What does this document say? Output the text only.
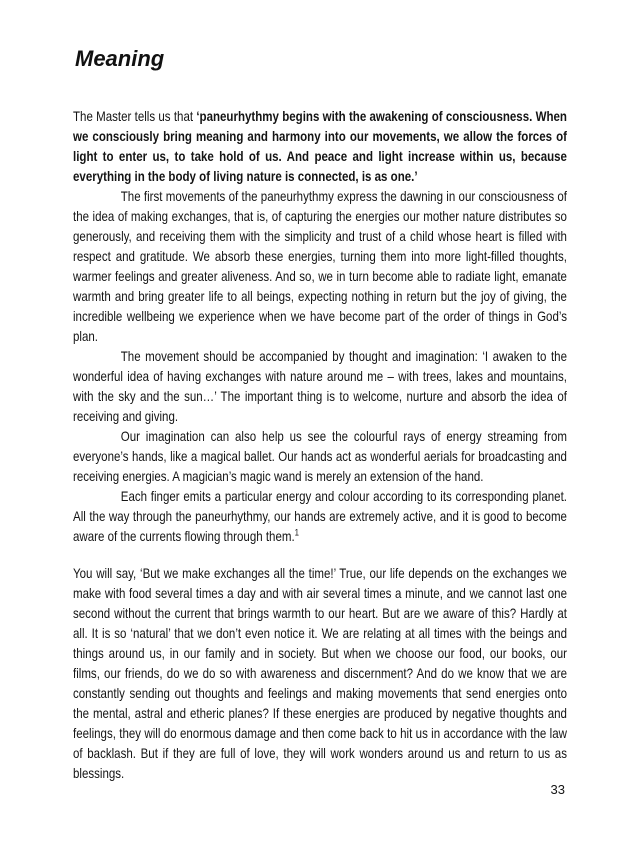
Meaning

The Master tells us that ‘paneurhythmy begins with the awakening of consciousness. When we consciously bring meaning and harmony into our movements, we allow the forces of light to enter us, to take hold of us. And peace and light increase within us, because everything in the body of living nature is connected, is as one.’

The first movements of the paneurhythmy express the dawning in our consciousness of the idea of making exchanges, that is, of capturing the energies our mother nature distributes so generously, and receiving them with the simplicity and trust of a child whose heart is filled with respect and gratitude. We absorb these energies, turning them into more light-filled thoughts, warmer feelings and greater aliveness. And so, we in turn become able to radiate light, emanate warmth and bring greater life to all beings, expecting nothing in return but the joy of giving, the incredible wellbeing we experience when we have become part of the order of things in God’s plan.

The movement should be accompanied by thought and imagination: ‘I awaken to the wonderful idea of having exchanges with nature around me – with trees, lakes and mountains, with the sky and the sun…’ The important thing is to welcome, nurture and absorb the idea of receiving and giving.

Our imagination can also help us see the colourful rays of energy streaming from everyone’s hands, like a magical ballet. Our hands act as wonderful aerials for broadcasting and receiving energies. A magician’s magic wand is merely an extension of the hand.

Each finger emits a particular energy and colour according to its corresponding planet. All the way through the paneurhythmy, our hands are extremely active, and it is good to become aware of the currents flowing through them.$^1$

You will say, ‘But we make exchanges all the time!’ True, our life depends on the exchanges we make with food several times a day and with air several times a minute, and we cannot last one second without the current that brings warmth to our heart. But are we aware of this? Hardly at all. It is so ‘natural’ that we don’t even notice it. We are relating at all times with the beings and things around us, in our family and in society. But when we choose our food, our books, our films, our friends, do we do so with awareness and discernment? And do we know that we are constantly sending out thoughts and feelings and making movements that send energies onto the mental, astral and etheric planes? If these energies are produced by negative thoughts and feelings, they will do enormous damage and then come back to hit us in accordance with the law of backlash. But if they are full of love, they will work wonders around us and return to us as blessings.

33
